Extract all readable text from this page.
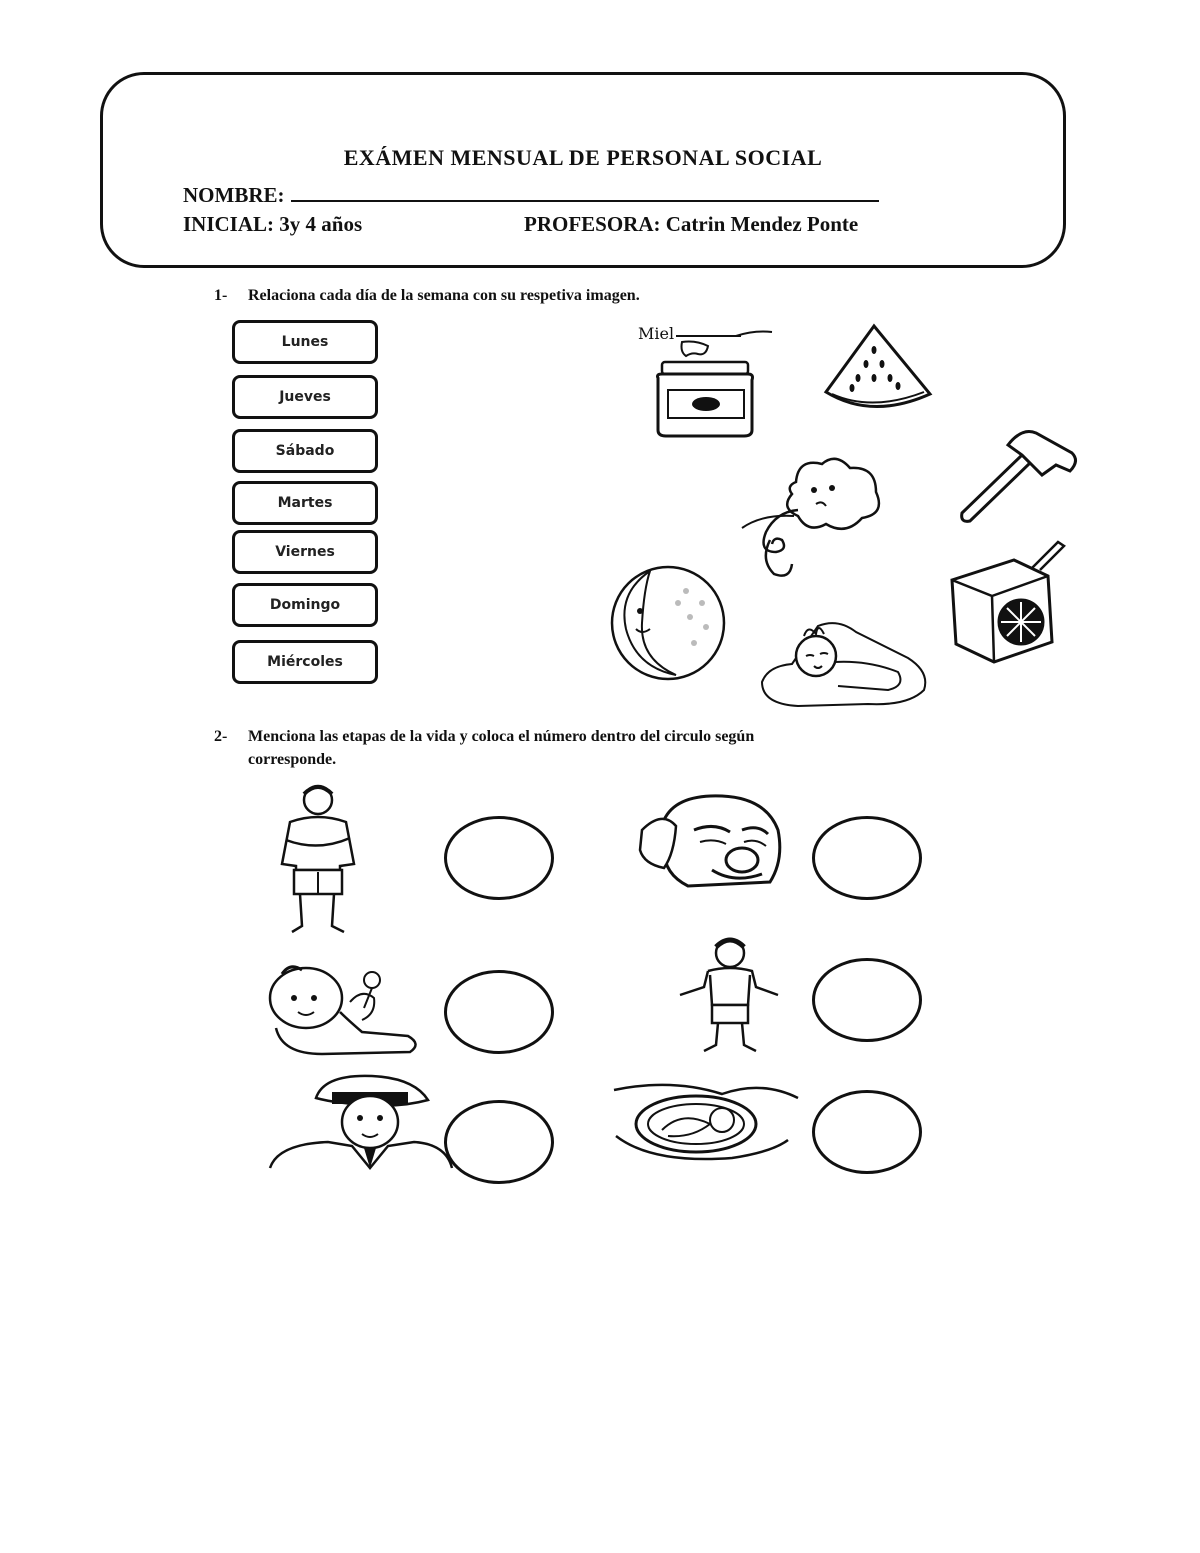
EXÁMEN MENSUAL DE PERSONAL SOCIAL
NOMBRE:
INICIAL: 3y 4 años	PROFESORA: Catrin Mendez Ponte
1- Relaciona cada día de la semana con su respetiva imagen.
Lunes
Jueves
Sábado
Martes
Viernes
Domingo
Miércoles
Miel
2- Menciona las etapas de la vida y coloca el número dentro del circulo según
corresponde.
